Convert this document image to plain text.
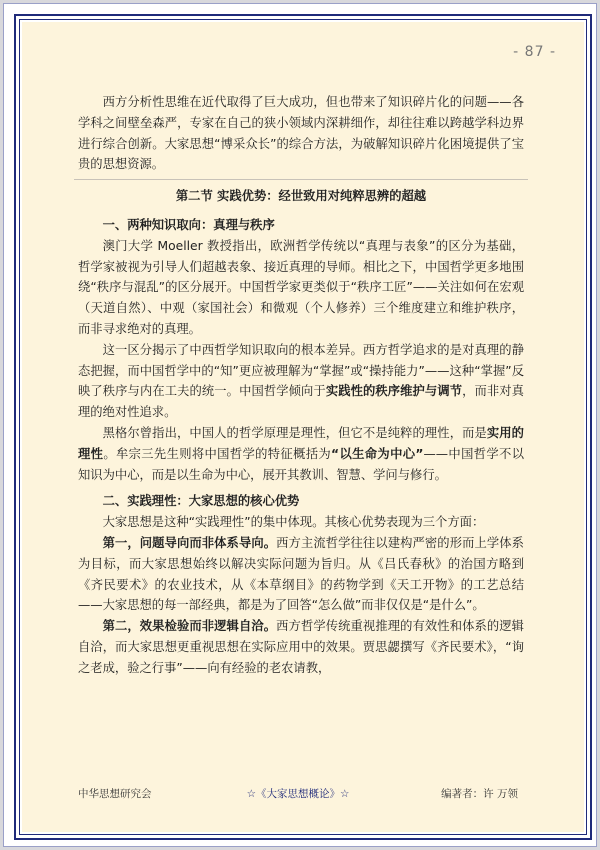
- 87 -

西方分析性思维在近代取得了巨大成功，但也带来了知识碎片化的问题——各学科之间壁垒森严，专家在自己的狭小领域内深耕细作，却往往难以跨越学科边界进行综合创新。大家思想“博采众长”的综合方法，为破解知识碎片化困境提供了宝贵的思想资源。

第二节 实践优势：经世致用对纯粹思辨的超越
一、两种知识取向：真理与秩序

澳门大学 Moeller 教授指出，欧洲哲学传统以“真理与表象”的区分为基础，哲学家被视为引导人们超越表象、接近真理的导师。相比之下，中国哲学更多地围绕“秩序与混乱”的区分展开。中国哲学家更类似于“秩序工匠”——关注如何在宏观（天道自然）、中观（家国社会）和微观（个人修养）三个维度建立和维护秩序，而非寻求绝对的真理。

这一区分揭示了中西哲学知识取向的根本差异。西方哲学追求的是对真理的静态把握，而中国哲学中的“知”更应被理解为“掌握”或“操持能力”——这种“掌握”反映了秩序与内在工夫的统一。中国哲学倾向于实践性的秩序维护与调节，而非对真理的绝对性追求。

黑格尔曾指出，中国人的哲学原理是理性，但它不是纯粹的理性，而是实用的理性。牟宗三先生则将中国哲学的特征概括为“以生命为中心”——中国哲学不以知识为中心，而是以生命为中心，展开其教训、智慧、学问与修行。

二、实践理性：大家思想的核心优势

大家思想是这种“实践理性”的集中体现。其核心优势表现为三个方面：

第一，问题导向而非体系导向。西方主流哲学往往以建构严密的形而上学体系为目标，而大家思想始终以解决实际问题为旨归。从《吕氏春秋》的治国方略到《齐民要术》的农业技术，从《本草纲目》的药物学到《天工开物》的工艺总结——大家思想的每一部经典，都是为了回答“怎么做”而非仅仅是“是什么”。

第二，效果检验而非逻辑自洽。西方哲学传统重视推理的有效性和体系的逻辑自洽，而大家思想更重视思想在实际应用中的效果。贾思勰撰写《齐民要术》，“询之老成，验之行事”——向有经验的老农请教，

中华思想研究会	☆《大家思想概论》☆	编著者：许 万领
